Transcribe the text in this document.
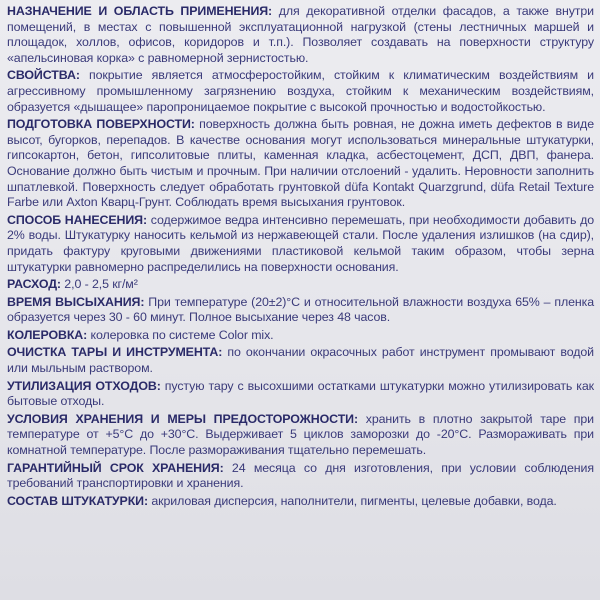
НАЗНАЧЕНИЕ И ОБЛАСТЬ ПРИМЕНЕНИЯ: для декоративной отделки фасадов, а также внутри помещений, в местах с повышенной эксплуатационной нагрузкой (стены лестничных маршей и площадок, холлов, офисов, коридоров и т.п.). Позволяет создавать на поверхности структуру «апельсиновая корка» с равномерной зернистостью.

СВОЙСТВА: покрытие является атмосферостойким, стойким к климатическим воздействиям и агрессивному промышленному загрязнению воздуха, стойким к механическим воздействиям, образуется «дышащее» паропроницаемое покрытие с высокой прочностью и водостойкостью.

ПОДГОТОВКА ПОВЕРХНОСТИ: поверхность должна быть ровная, не дожна иметь дефектов в виде высот, бугорков, перепадов. В качестве основания могут использоваться минеральные штукатурки, гипсокартон, бетон, гипсолитовые плиты, каменная кладка, асбестоцемент, ДСП, ДВП, фанера. Основание должно быть чистым и прочным. При наличии отслоений - удалить. Неровности заполнить шпатлевкой. Поверхность следует обработать грунтовкой düfa Kontakt Quarzgrund, düfa Retail Texture Farbe или Axton Кварц-Грунт. Соблюдать время высыхания грунтовок.

СПОСОБ НАНЕСЕНИЯ: содержимое ведра интенсивно перемешать, при необходимости добавить до 2% воды. Штукатурку наносить кельмой из нержавеющей стали. После удаления излишков (на сдир), придать фактуру круговыми движениями пластиковой кельмой таким образом, чтобы зерна штукатурки равномерно распределились на поверхности основания.

РАСХОД: 2,0 - 2,5 кг/м²

ВРЕМЯ ВЫСЫХАНИЯ: При температуре (20±2)°С и относительной влажности воздуха 65% – пленка образуется через 30 - 60 минут. Полное высыхание через 48 часов.

КОЛЕРОВКА: колеровка по системе Color mix.

ОЧИСТКА ТАРЫ И ИНСТРУМЕНТА: по окончании окрасочных работ инструмент промывают водой или мыльным раствором.

УТИЛИЗАЦИЯ ОТХОДОВ: пустую тару с высохшими остатками штукатурки можно утилизировать как бытовые отходы.

УСЛОВИЯ ХРАНЕНИЯ И МЕРЫ ПРЕДОСТОРОЖНОСТИ: хранить в плотно закрытой таре при температуре от +5°С до +30°С. Выдерживает 5 циклов заморозки до -20°С. Размораживать при комнатной температуре. После размораживания тщательно перемешать.

ГАРАНТИЙНЫЙ СРОК ХРАНЕНИЯ: 24 месяца со дня изготовления, при условии соблюдения требований транспортировки и хранения.

СОСТАВ ШТУКАТУРКИ: акриловая дисперсия, наполнители, пигменты, целевые добавки, вода.
